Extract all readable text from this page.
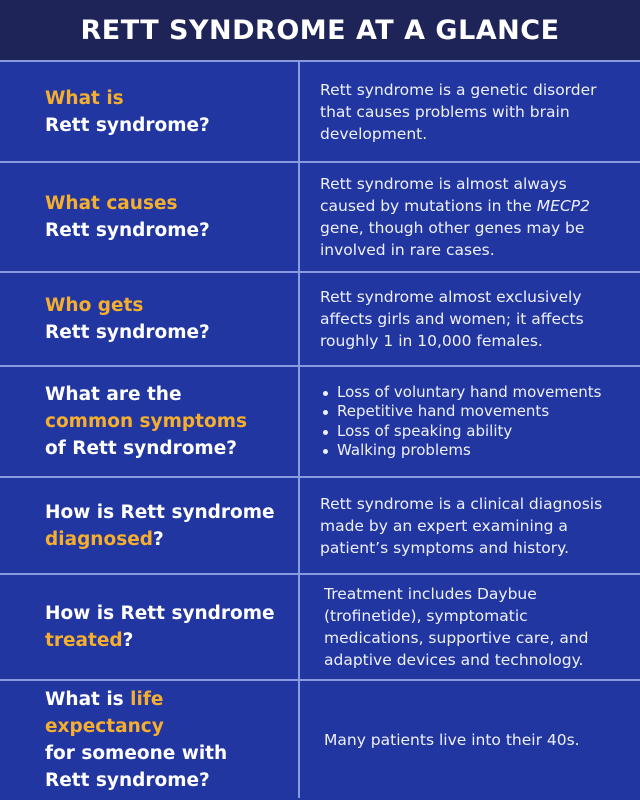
RETT SYNDROME AT A GLANCE
What is
Rett syndrome?

Rett syndrome is a genetic disorder that causes problems with brain development.

What causes
Rett syndrome?

Rett syndrome is almost always caused by mutations in the MECP2 gene, though other genes may be involved in rare cases.

Who gets
Rett syndrome?

Rett syndrome almost exclusively affects girls and women; it affects roughly 1 in 10,000 females.

What are the
common symptoms
of Rett syndrome?
Loss of voluntary hand movements
Repetitive hand movements
Loss of speaking ability
Walking problems
How is Rett syndrome
diagnosed?

Rett syndrome is a clinical diagnosis made by an expert examining a patient’s symptoms and history.

How is Rett syndrome
treated?

Treatment includes Daybue (trofinetide), symptomatic medications, supportive care, and adaptive devices and technology.

What is life expectancy
for someone with
Rett syndrome?

Many patients live into their 40s.
